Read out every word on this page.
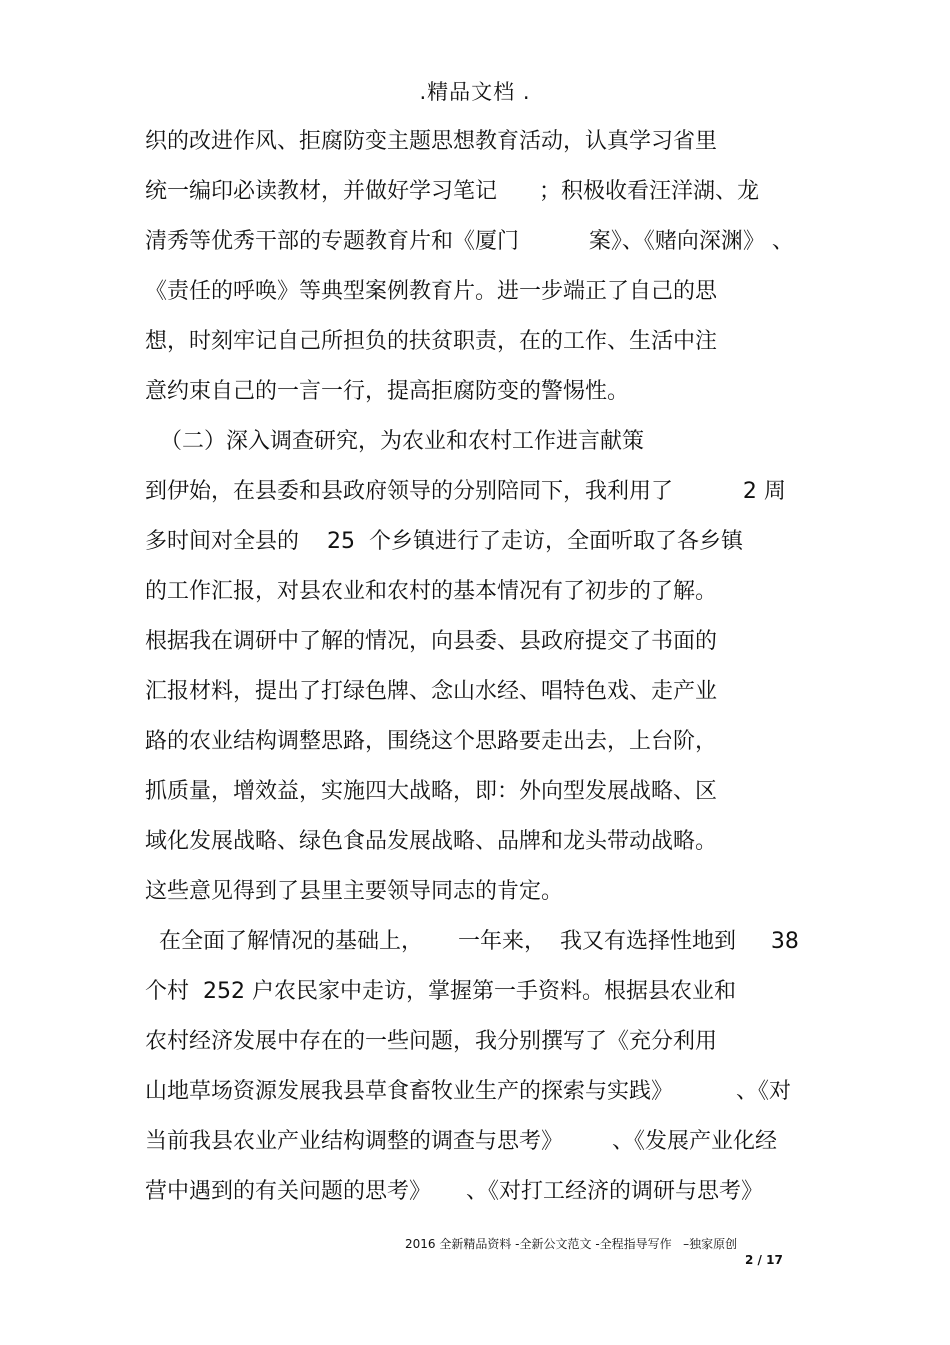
.精品文档 .
织的改进作风、拒腐防变主题思想教育活动，认真学习省里
统一编印必读教材，并做好学习笔记      ；积极收看汪洋湖、龙
清秀等优秀干部的专题教育片和《厦门          案》、《赌向深渊》 、
《责任的呼唤》等典型案例教育片。进一步端正了自己的思
想，时刻牢记自己所担负的扶贫职责，在的工作、生活中注
意约束自己的一言一行，提高拒腐防变的警惕性。
（二）深入调查研究，为农业和农村工作进言献策
到伊始，在县委和县政府领导的分别陪同下，我利用了          2 周
多时间对全县的    25  个乡镇进行了走访，全面听取了各乡镇
的工作汇报，对县农业和农村的基本情况有了初步的了解。
根据我在调研中了解的情况，向县委、县政府提交了书面的
汇报材料，提出了打绿色牌、念山水经、唱特色戏、走产业
路的农业结构调整思路，围绕这个思路要走出去，上台阶，
抓质量，增效益，实施四大战略，即：外向型发展战略、区
域化发展战略、绿色食品发展战略、品牌和龙头带动战略。
这些意见得到了县里主要领导同志的肯定。
在全面了解情况的基础上，     一年来，  我又有选择性地到     38
个村  252 户农民家中走访，掌握第一手资料。根据县农业和
农村经济发展中存在的一些问题，我分别撰写了《充分利用
山地草场资源发展我县草食畜牧业生产的探索与实践》         、《对
当前我县农业产业结构调整的调查与思考》       、《发展产业化经
营中遇到的有关问题的思考》     、《对打工经济的调研与思考》
2016 全新精品资料 -全新公文范文 -全程指导写作   –独家原创
2 / 17
